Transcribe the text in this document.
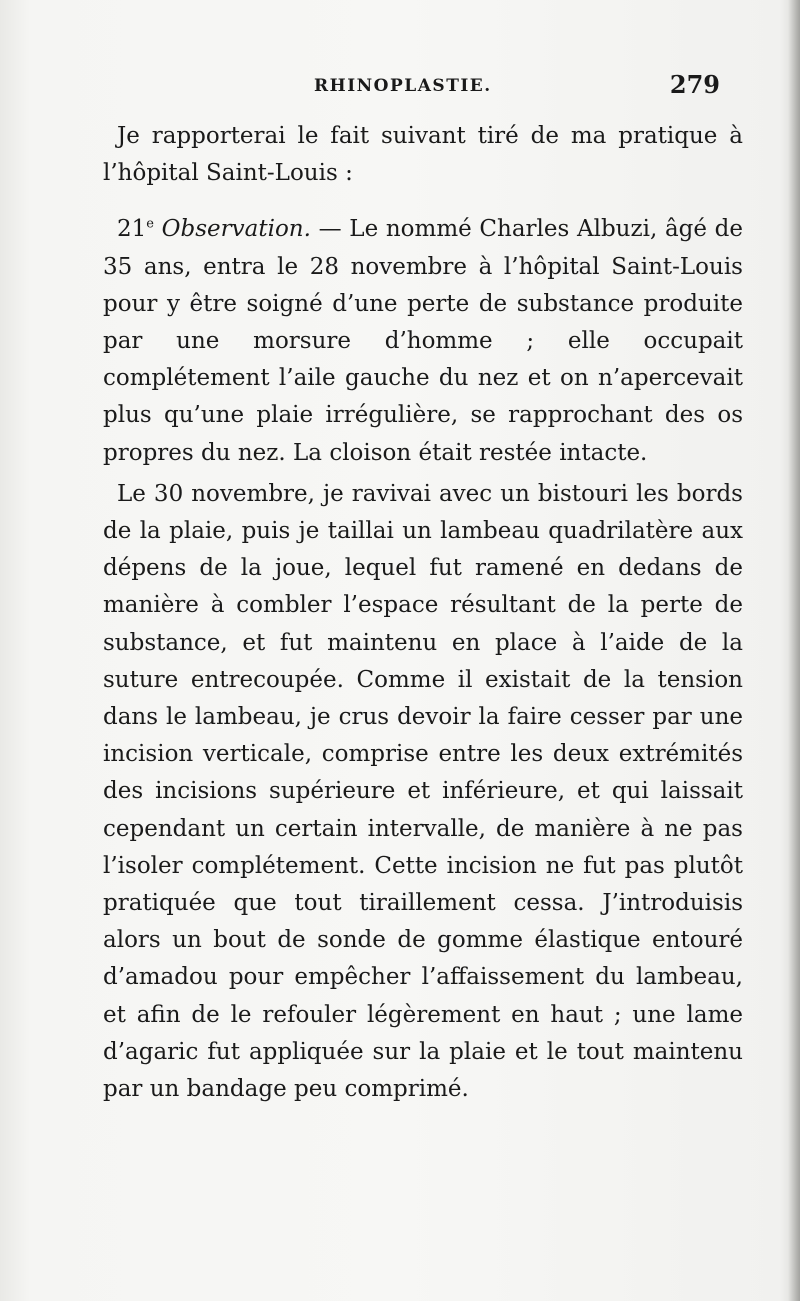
RHINOPLASTIE.	279

Je rapporterai le fait suivant tiré de ma pratique à l’hôpital Saint-Louis :

21e Observation. — Le nommé Charles Albuzi, âgé de 35 ans, entra le 28 novembre à l’hôpital Saint-Louis pour y être soigné d’une perte de substance produite par une morsure d’homme ; elle occupait complétement l’aile gauche du nez et on n’apercevait plus qu’une plaie irrégulière, se rapprochant des os propres du nez. La cloison était restée intacte.

Le 30 novembre, je ravivai avec un bistouri les bords de la plaie, puis je taillai un lambeau quadrilatère aux dépens de la joue, lequel fut ramené en dedans de manière à combler l’espace résultant de la perte de substance, et fut maintenu en place à l’aide de la suture entrecoupée. Comme il existait de la tension dans le lambeau, je crus devoir la faire cesser par une incision verticale, comprise entre les deux extrémités des incisions supérieure et inférieure, et qui laissait cependant un certain intervalle, de manière à ne pas l’isoler complétement. Cette incision ne fut pas plutôt pratiquée que tout tiraillement cessa. J’introduisis alors un bout de sonde de gomme élastique entouré d’amadou pour empêcher l’affaissement du lambeau, et afin de le refouler légèrement en haut ; une lame d’agaric fut appliquée sur la plaie et le tout maintenu par un bandage peu comprimé.
